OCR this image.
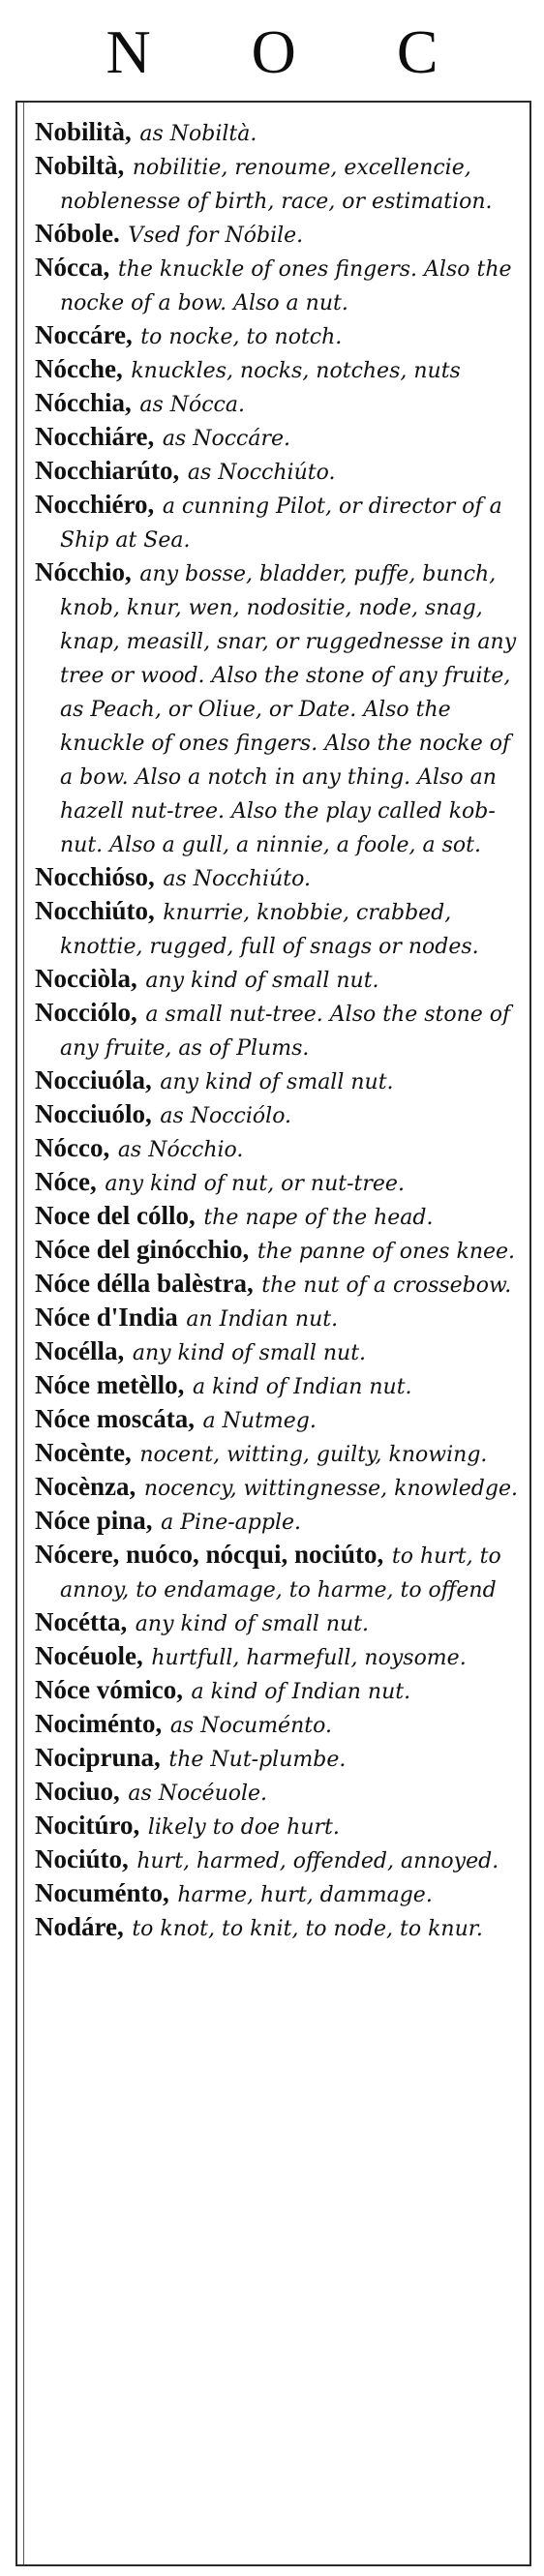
N O C

Nobilità, as Nobiltà.

Nobiltà, nobilitie, renoume, excellencie, noblenesse of birth, race, or estimation.

Nóbole. Vsed for Nóbile.

Nócca, the knuckle of ones fingers. Also the nocke of a bow. Also a nut.

Noccáre, to nocke, to notch.

Nócche, knuckles, nocks, notches, nuts

Nócchia, as Nócca.

Nocchiáre, as Noccáre.

Nocchiarúto, as Nocchiúto.

Nocchiéro, a cunning Pilot, or director of a Ship at Sea.

Nócchio, any bosse, bladder, puffe, bunch, knob, knur, wen, nodositie, node, snag, knap, measill, snar, or ruggednesse in any tree or wood. Also the stone of any fruite, as Peach, or Oliue, or Date. Also the knuckle of ones fingers. Also the nocke of a bow. Also a notch in any thing. Also an hazell nut-tree. Also the play called kob-nut. Also a gull, a ninnie, a foole, a sot.

Nocchióso, as Nocchiúto.

Nocchiúto, knurrie, knobbie, crabbed, knottie, rugged, full of snags or nodes.

Nocciòla, any kind of small nut.

Nocciólo, a small nut-tree. Also the stone of any fruite, as of Plums.

Nocciuóla, any kind of small nut.

Nocciuólo, as Nocciólo.

Nócco, as Nócchio.

Nóce, any kind of nut, or nut-tree.

Noce del cóllo, the nape of the head.

Nóce del ginócchio, the panne of ones knee.

Nóce délla balèstra, the nut of a crossebow.

Nóce d'India an Indian nut.

Nocélla, any kind of small nut.

Nóce metèllo, a kind of Indian nut.

Nóce moscáta, a Nutmeg.

Nocènte, nocent, witting, guilty, knowing.

Nocènza, nocency, wittingnesse, knowledge.

Nóce pina, a Pine-apple.

Nócere, nuóco, nócqui, nociúto, to hurt, to annoy, to endamage, to harme, to offend

Nocétta, any kind of small nut.

Nocéuole, hurtfull, harmefull, noysome.

Nóce vómico, a kind of Indian nut.

Nociménto, as Nocuménto.

Nocipruna, the Nut-plumbe.

Nociuo, as Nocéuole.

Nocitúro, likely to doe hurt.

Nociúto, hurt, harmed, offended, annoyed.

Nocuménto, harme, hurt, dammage.

Nodáre, to knot, to knit, to node, to knur.
